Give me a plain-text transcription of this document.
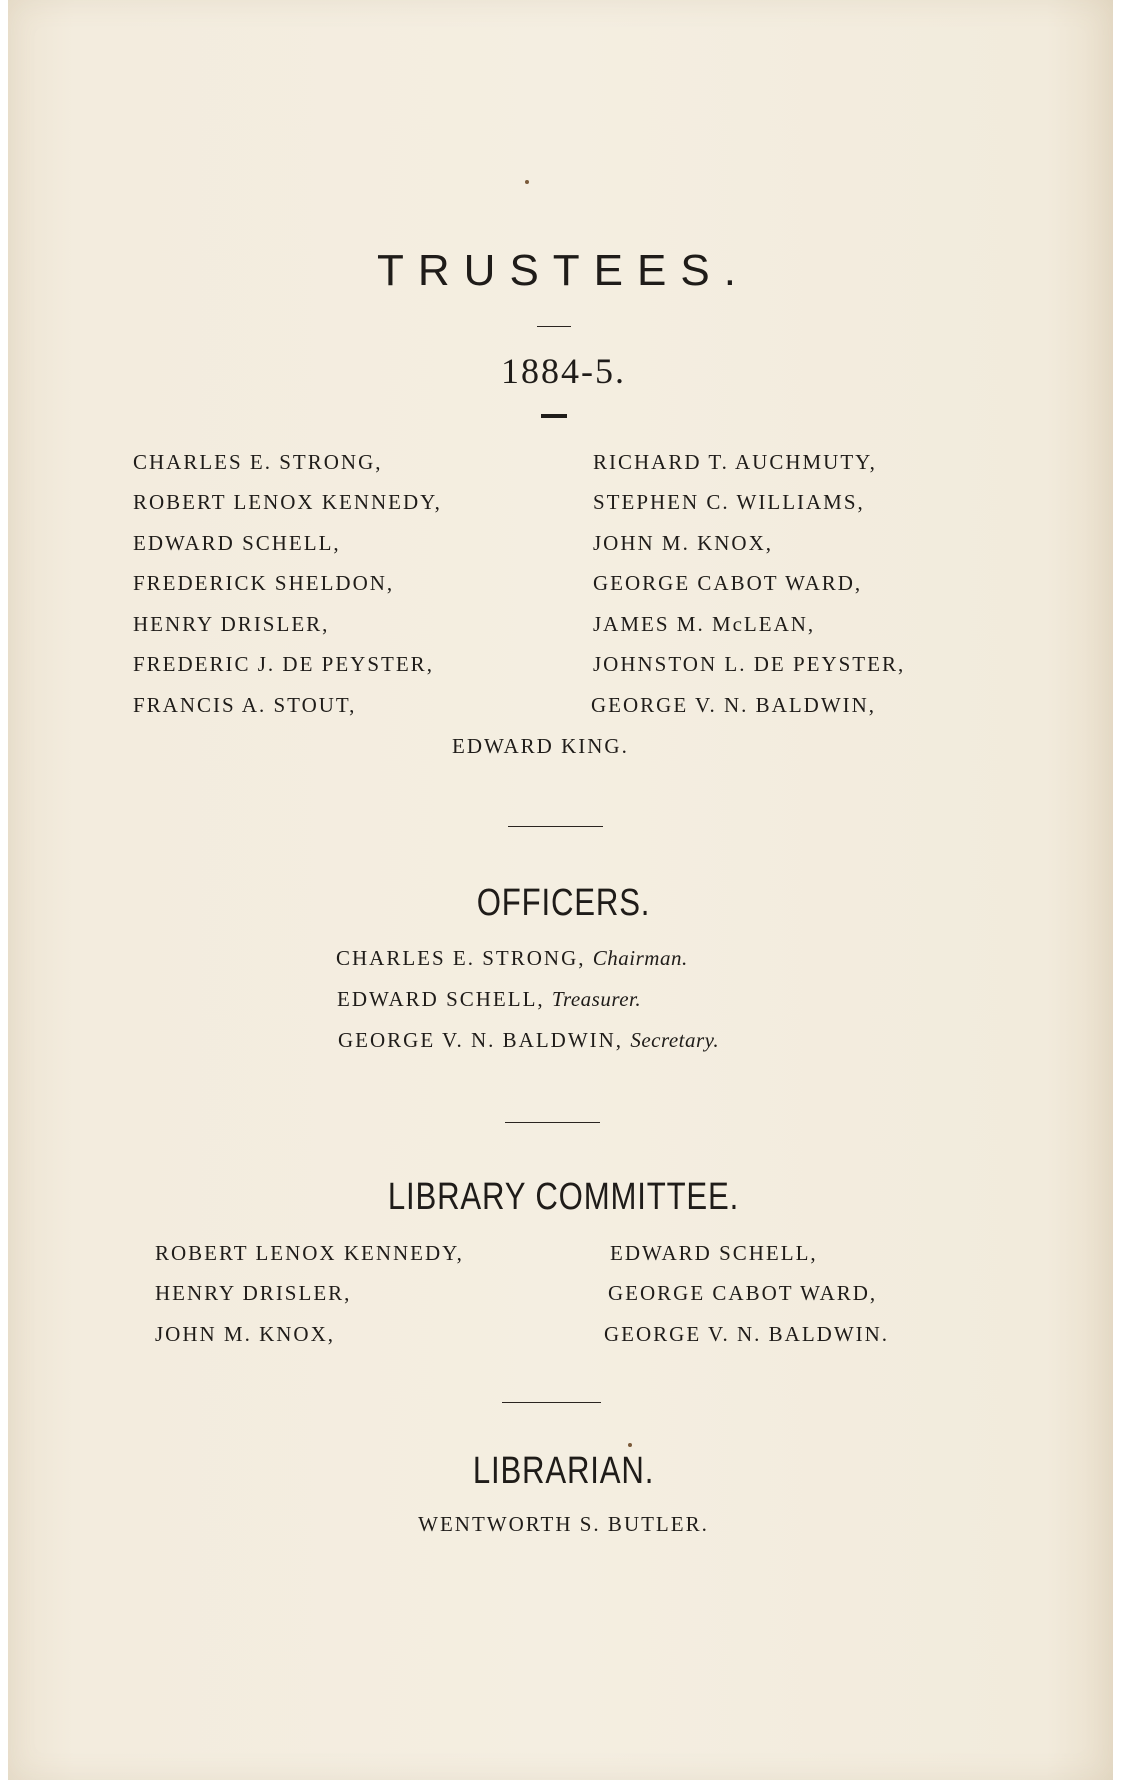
TRUSTEES.
1884-5.
CHARLES E. STRONG,
ROBERT LENOX KENNEDY,
EDWARD SCHELL,
FREDERICK SHELDON,
HENRY DRISLER,
FREDERIC J. DE PEYSTER,
FRANCIS A. STOUT,
RICHARD T. AUCHMUTY,
STEPHEN C. WILLIAMS,
JOHN M. KNOX,
GEORGE CABOT WARD,
JAMES M. McLEAN,
JOHNSTON L. DE PEYSTER,
GEORGE V. N. BALDWIN,
EDWARD KING.
OFFICERS.
CHARLES E. STRONG, Chairman.
EDWARD SCHELL, Treasurer.
GEORGE V. N. BALDWIN, Secretary.
LIBRARY COMMITTEE.
ROBERT LENOX KENNEDY,
HENRY DRISLER,
JOHN M. KNOX,
EDWARD SCHELL,
GEORGE CABOT WARD,
GEORGE V. N. BALDWIN.
LIBRARIAN.
WENTWORTH S. BUTLER.
